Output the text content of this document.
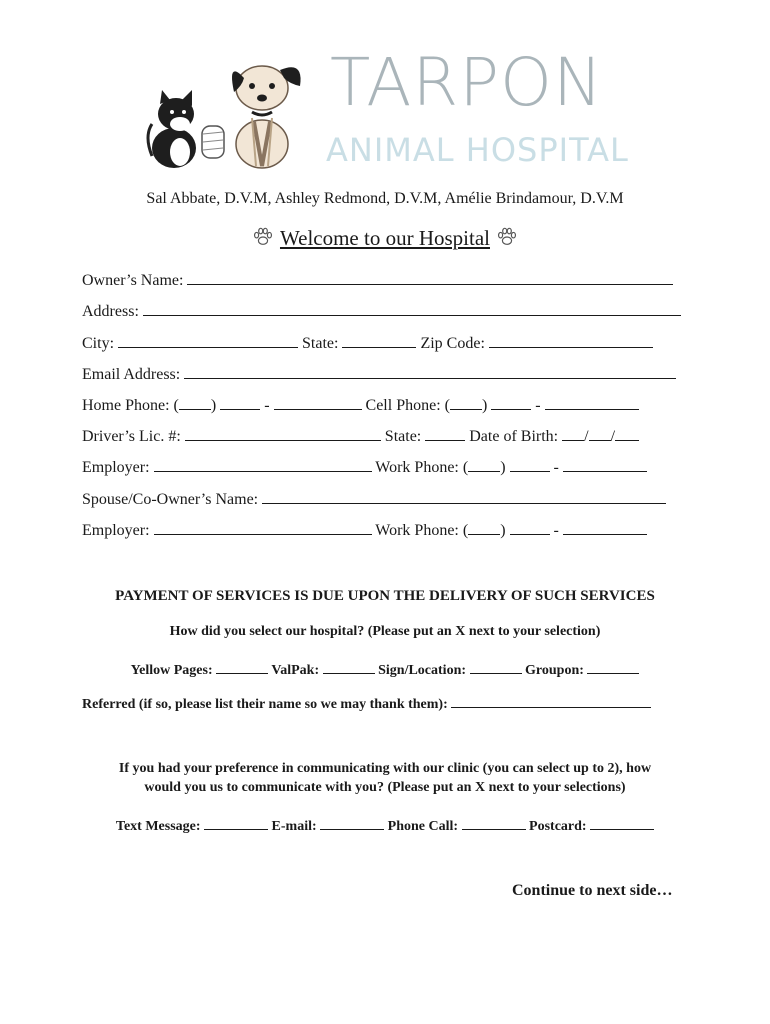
TARPON
ANIMAL HOSPITAL
Sal Abbate, D.V.M, Ashley Redmond, D.V.M, Amélie Brindamour, D.V.M
Welcome to our Hospital
Owner’s Name:
Address:
City:	State:	Zip Code:
Email Address:
Home Phone: ( )	-	Cell Phone: ( )	-
Driver’s Lic. #:	State:	Date of Birth: / /
Employer:	Work Phone: ( )	-
Spouse/Co-Owner’s Name:
Employer:	Work Phone: ( )	-
PAYMENT OF SERVICES IS DUE UPON THE DELIVERY OF SUCH SERVICES
How did you select our hospital? (Please put an X next to your selection)
Yellow Pages:	ValPak:	Sign/Location:	Groupon:
Referred (if so, please list their name so we may thank them):
If you had your preference in communicating with our clinic (you can select up to 2), how
would you us to communicate with you? (Please put an X next to your selections)
Text Message:	E-mail:	Phone Call:	Postcard:
Continue to next side…
